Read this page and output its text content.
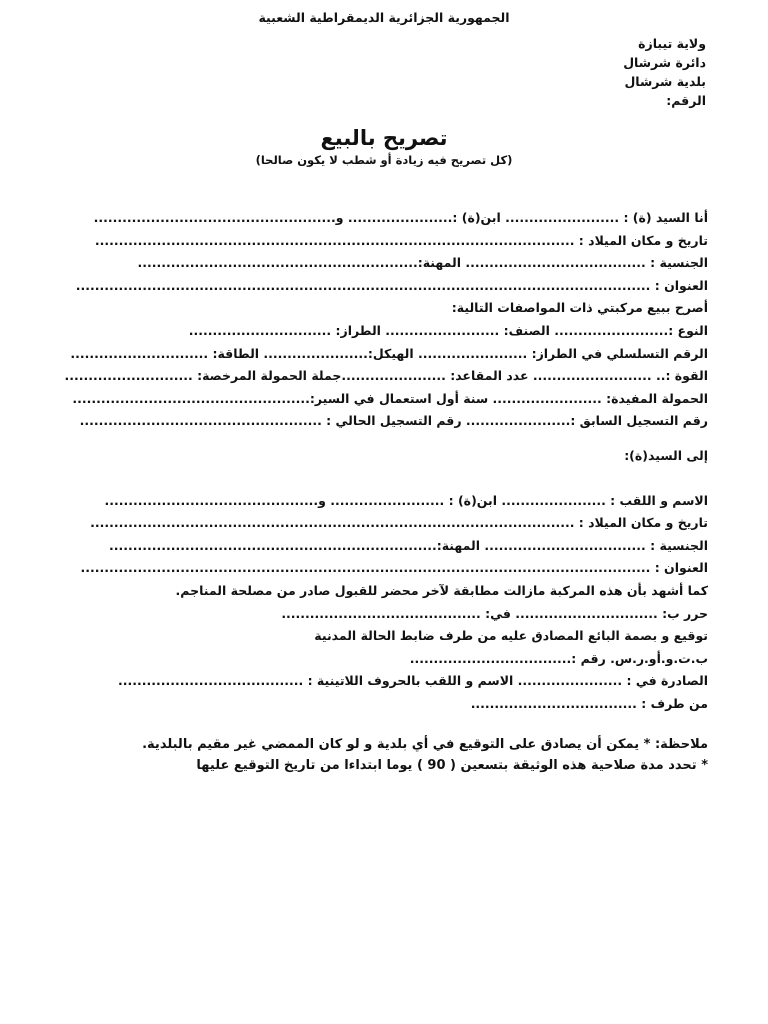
الجمهورية الجزائرية الديمقراطية الشعبية
ولاية تيبازة
دائرة شرشال
بلدية شرشال
الرقم:
تصريح بالبيع
(كل تصريح فيه زيادة أو شطب لا يكون صالحا)
أنا السيد (ة) : ........................ ابن(ة) :...................... و...................................................
تاريخ و مكان الميلاد : .....................................................................................................
الجنسية : ...................................... المهنة:...........................................................
العنوان : .........................................................................................................................
أصرح ببيع مركبتي ذات المواصفات التالية:
النوع :........................ الصنف: ........................ الطراز: ..............................
الرقم التسلسلي في الطراز: ....................... الهيكل:...................... الطاقة: .............................
القوة :.. ......................... عدد المقاعد: ......................جملة الحمولة المرخصة: ...........................
الحمولة المفيدة: ....................... سنة أول استعمال في السير:..................................................
رقم التسجيل السابق :...................... رقم التسجيل الحالي : ...................................................
إلى السيد(ة):
الاسم و اللقب : ...................... ابن(ة) : ........................ و.............................................
تاريخ و مكان الميلاد : ......................................................................................................
الجنسية : .................................. المهنة:.....................................................................
العنوان : ........................................................................................................................
كما أشهد بأن هذه المركبة مازالت مطابقة لآخر محضر للقبول صادر من مصلحة المناجم.
حرر ب: .............................. في: ..........................................
توقيع و بصمة البائع المصادق عليه من طرف ضابط الحالة المدنية
ب.ت.و.أو.ر.س. رقم :..................................
الصادرة في : ...................... الاسم و اللقب بالحروف اللاتينية : .......................................
من طرف : ...................................
ملاحظة: * يمكن أن يصادق على التوقيع في أي بلدية و لو كان الممضي غير مقيم بالبلدية.
* تحدد مدة صلاحية هذه الوثيقة بتسعين ( 90 ) يوما ابتداءا من تاريخ التوقيع عليها
